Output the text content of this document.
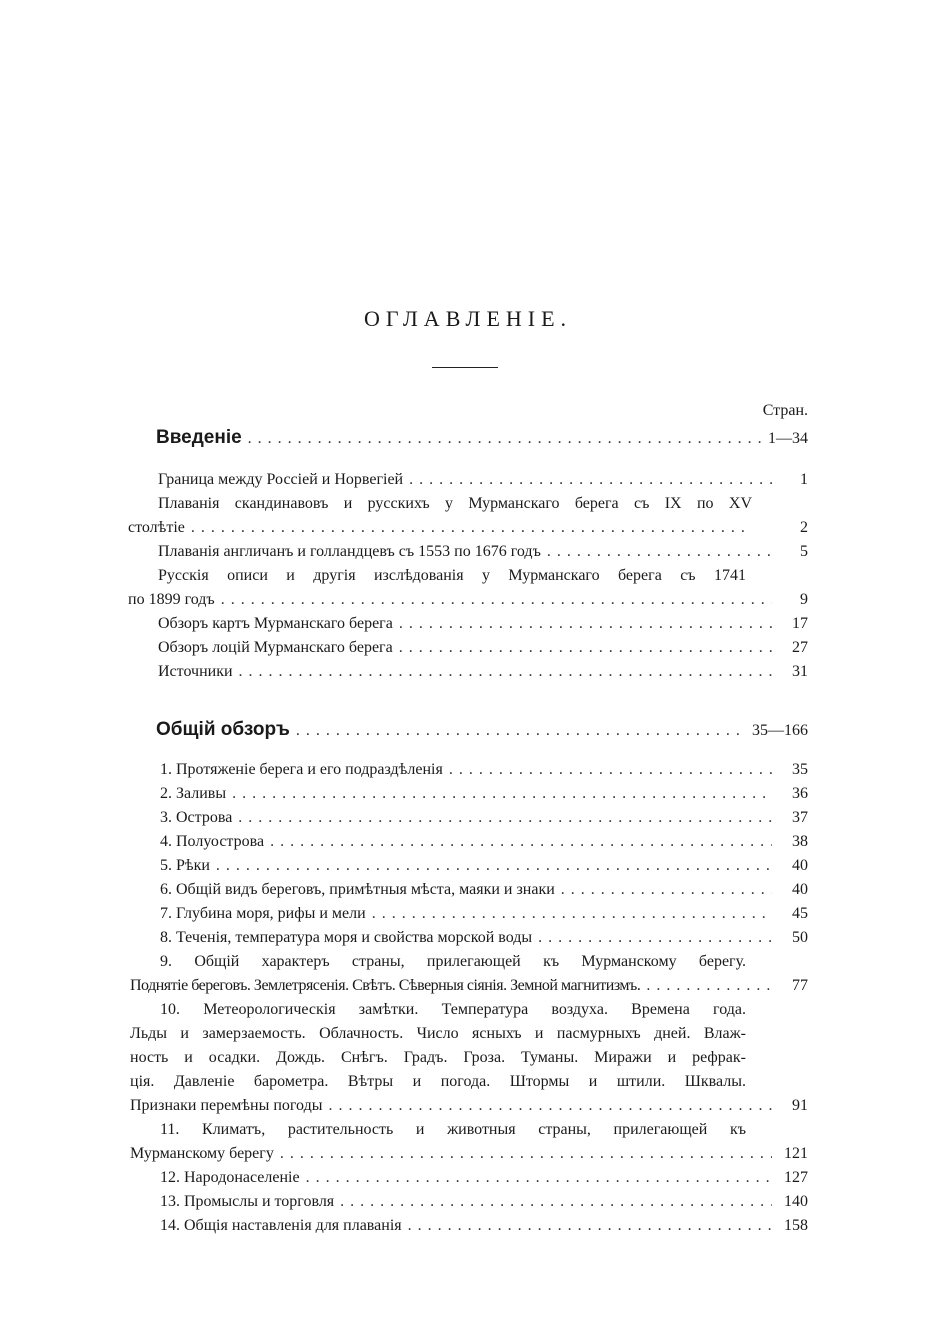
ОГЛАВЛЕНІЕ.
Стран.
Введеніе . . .	1—34
Граница между Россіей и Норвегіей . . .	1
Плаванія скандинавовъ и русскихъ у Мурманскаго берега съ IX по XV
столѣтіе . . .	2
Плаванія англичанъ и голландцевъ съ 1553 по 1676 годъ . . .	5
Русскія описи и другія изслѣдованія у Мурманскаго берега съ 1741
по 1899 годъ . . .	9
Обзоръ картъ Мурманскаго берега . . .	17
Обзоръ лоцій Мурманскаго берега . . .	27
Источники . . .	31
Общій обзоръ . . .	35—166
1. Протяженіе берега и его подраздѣленія . . .	35
2. Заливы . . .	36
3. Острова . . .	37
4. Полуострова . . .	38
5. Рѣки . . .	40
6. Общій видъ береговъ, примѣтныя мѣста, маяки и знаки . . .	40
7. Глубина моря, рифы и мели . . .	45
8. Теченія, температура моря и свойства морской воды . . .	50
9. Общій характеръ страны, прилегающей къ Мурманскому берегу.
Поднятіе береговъ. Землетрясенія. Свѣтъ. Сѣверныя сіянія. Земной магнитизмъ. . . .	77
10. Метеорологическія замѣтки. Температура воздуха. Времена года.
Льды и замерзаемость. Облачность. Число ясныхъ и пасмурныхъ дней. Влаж-
ность и осадки. Дождь. Снѣгъ. Градъ. Гроза. Туманы. Миражи и рефрак-
ція. Давленіе барометра. Вѣтры и погода. Штормы и штили. Шквалы.
Признаки перемѣны погоды . . .	91
11. Климатъ, растительность и животныя страны, прилегающей къ
Мурманскому берегу . . .	121
12. Народонаселеніе . . .	127
13. Промыслы и торговля . . .	140
14. Общія наставленія для плаванія . . .	158
